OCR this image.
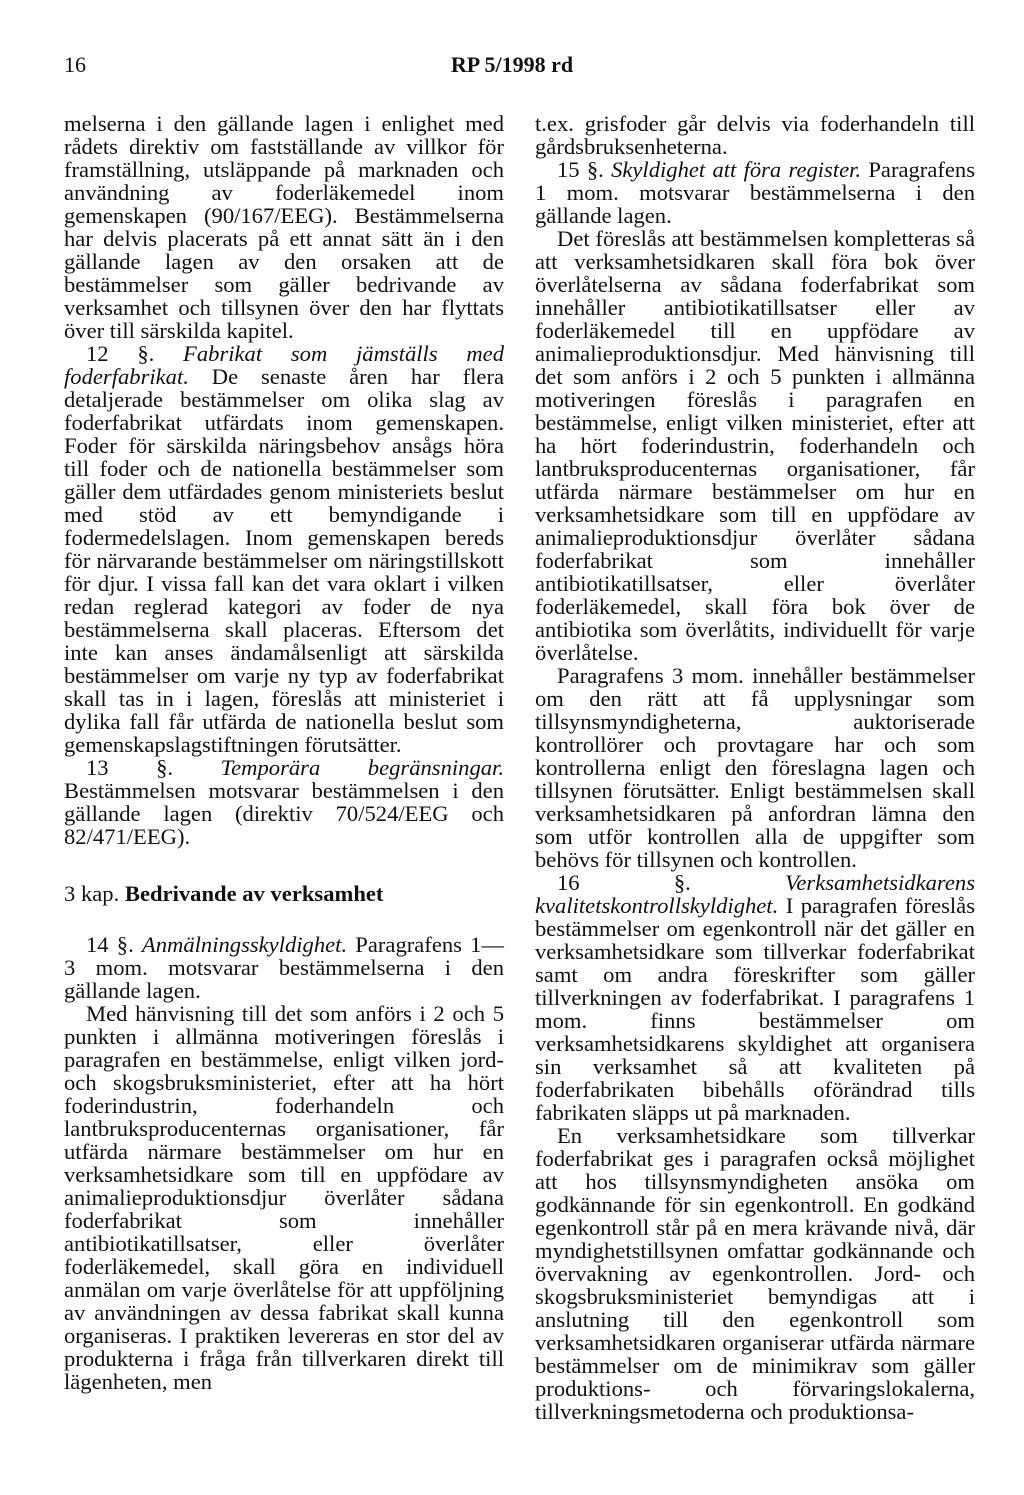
16	RP 5/1998 rd

melserna i den gällande lagen i enlighet med rådets direktiv om fastställande av villkor för framställning, utsläppande på marknaden och användning av foderläkemedel inom gemenskapen (90/167/EEG). Bestämmelserna har delvis placerats på ett annat sätt än i den gällande lagen av den orsaken att de bestämmelser som gäller bedrivande av verksamhet och tillsynen över den har flyttats över till särskilda kapitel.

12 §. Fabrikat som jämställs med foderfabrikat. De senaste åren har flera detaljerade bestämmelser om olika slag av foderfabrikat utfärdats inom gemenskapen. Foder för särskilda näringsbehov ansågs höra till foder och de nationella bestämmelser som gäller dem utfärdades genom ministeriets beslut med stöd av ett bemyndigande i fodermedelslagen. Inom gemenskapen bereds för närvarande bestämmelser om näringstillskott för djur. I vissa fall kan det vara oklart i vilken redan reglerad kategori av foder de nya bestämmelserna skall placeras. Eftersom det inte kan anses ändamålsenligt att särskilda bestämmelser om varje ny typ av foderfabrikat skall tas in i lagen, föreslås att ministeriet i dylika fall får utfärda de nationella beslut som gemenskapslagstiftningen förutsätter.

13 §. Temporära begränsningar. Bestämmelsen motsvarar bestämmelsen i den gällande lagen (direktiv 70/524/EEG och 82/471/EEG).

3 kap. Bedrivande av verksamhet

14 §. Anmälningsskyldighet. Paragrafens 1—3 mom. motsvarar bestämmelserna i den gällande lagen.

Med hänvisning till det som anförs i 2 och 5 punkten i allmänna motiveringen föreslås i paragrafen en bestämmelse, enligt vilken jord- och skogsbruksministeriet, efter att ha hört foderindustrin, foderhandeln och lantbruksproducenternas organisationer, får utfärda närmare bestämmelser om hur en verksamhetsidkare som till en uppfödare av animalieproduktionsdjur överlåter sådana foderfabrikat som innehåller antibiotikatillsatser, eller överlåter foderläkemedel, skall göra en individuell anmälan om varje överlåtelse för att uppföljning av användningen av dessa fabrikat skall kunna organiseras. I praktiken levereras en stor del av produkterna i fråga från tillverkaren direkt till lägenheten, men

t.ex. grisfoder går delvis via foderhandeln till gårdsbruksenheterna.

15 §. Skyldighet att föra register. Paragrafens 1 mom. motsvarar bestämmelserna i den gällande lagen.

Det föreslås att bestämmelsen kompletteras så att verksamhetsidkaren skall föra bok över överlåtelserna av sådana foderfabrikat som innehåller antibiotikatillsatser eller av foderläkemedel till en uppfödare av animalieproduktionsdjur. Med hänvisning till det som anförs i 2 och 5 punkten i allmänna motiveringen föreslås i paragrafen en bestämmelse, enligt vilken ministeriet, efter att ha hört foderindustrin, foderhandeln och lantbruksproducenternas organisationer, får utfärda närmare bestämmelser om hur en verksamhetsidkare som till en uppfödare av animalieproduktionsdjur överlåter sådana foderfabrikat som innehåller antibiotikatillsatser, eller överlåter foderläkemedel, skall föra bok över de antibiotika som överlåtits, individuellt för varje överlåtelse.

Paragrafens 3 mom. innehåller bestämmelser om den rätt att få upplysningar som tillsynsmyndigheterna, auktoriserade kontrollörer och provtagare har och som kontrollerna enligt den föreslagna lagen och tillsynen förutsätter. Enligt bestämmelsen skall verksamhetsidkaren på anfordran lämna den som utför kontrollen alla de uppgifter som behövs för tillsynen och kontrollen.

16 §.	Verksamhetsidkarens kvalitetskontrollskyldighet. I paragrafen föreslås bestämmelser om egenkontroll när det gäller en verksamhetsidkare som tillverkar foderfabrikat samt om andra föreskrifter som gäller tillverkningen av foderfabrikat. I paragrafens 1 mom. finns bestämmelser om verksamhetsidkarens skyldighet att organisera sin verksamhet så att kvaliteten på foderfabrikaten bibehålls oförändrad tills fabrikaten släpps ut på marknaden.

En verksamhetsidkare som tillverkar foderfabrikat ges i paragrafen också möjlighet att hos tillsynsmyndigheten ansöka om godkännande för sin egenkontroll. En godkänd egenkontroll står på en mera krävande nivå, där myndighetstillsynen omfattar godkännande och övervakning av egenkontrollen. Jord- och skogsbruksministeriet bemyndigas att i anslutning till den egenkontroll som verksamhetsidkaren organiserar utfärda närmare bestämmelser om de minimikrav som gäller produktions- och förvaringslokalerna, tillverkningsmetoderna och produktionsa-
